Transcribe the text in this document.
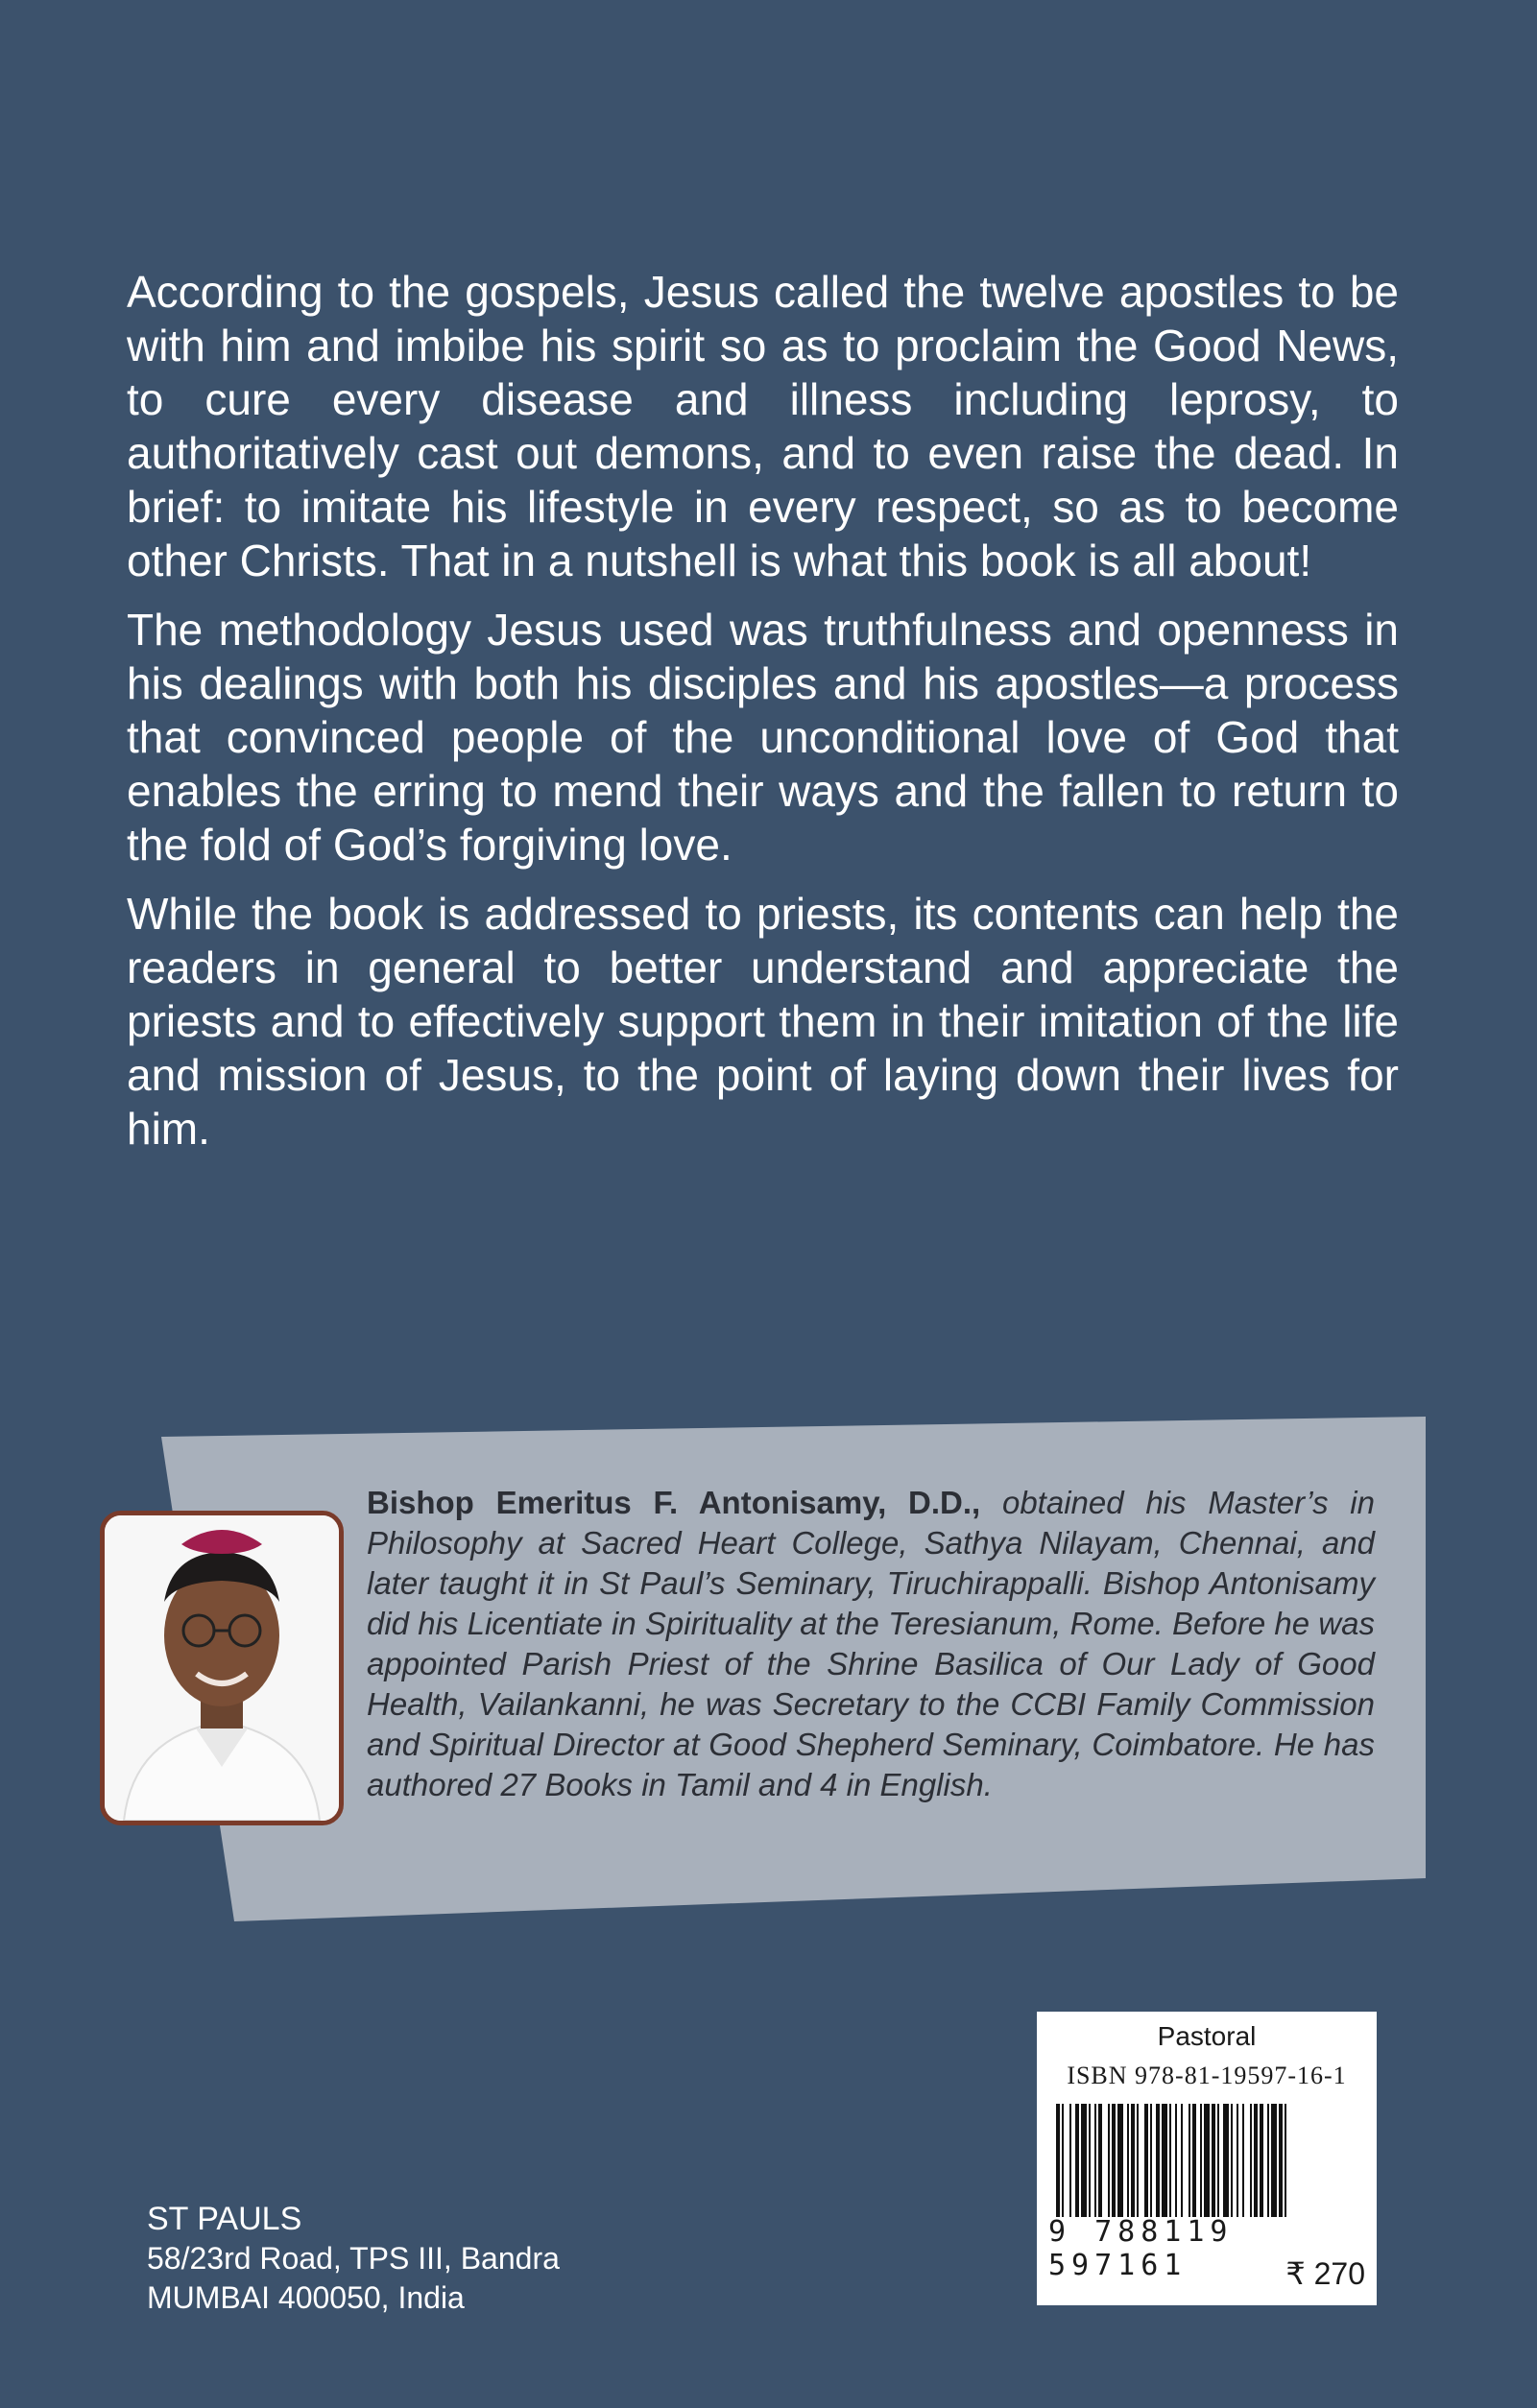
According to the gospels, Jesus called the twelve apostles to be with him and imbibe his spirit so as to proclaim the Good News, to cure every disease and illness including leprosy, to authoritatively cast out demons, and to even raise the dead. In brief: to imitate his lifestyle in every respect, so as to become other Christs. That in a nutshell is what this book is all about!

The methodology Jesus used was truthfulness and openness in his dealings with both his disciples and his apostles—a process that convinced people of the unconditional love of God that enables the erring to mend their ways and the fallen to return to the fold of God’s forgiving love.

While the book is addressed to priests, its contents can help the readers in general to better understand and appreciate the priests and to effectively support them in their imitation of the life and mission of Jesus, to the point of laying down their lives for him.

Bishop Emeritus F. Antonisamy, D.D., obtained his Master’s in Philosophy at Sacred Heart College, Sathya Nilayam, Chennai, and later taught it in St Paul’s Seminary, Tiruchirappalli. Bishop Antonisamy did his Licentiate in Spirituality at the Teresianum, Rome. Before he was appointed Parish Priest of the Shrine Basilica of Our Lady of Good Health, Vailankanni, he was Secretary to the CCBI Family Commission and Spiritual Director at Good Shepherd Seminary, Coimbatore. He has authored 27 Books in Tamil and 4 in English.
Pastoral
ISBN 978-81-19597-16-1
9 788119 597161	₹ 270
ST PAULS
58/23rd Road, TPS III, Bandra
MUMBAI 400050, India
